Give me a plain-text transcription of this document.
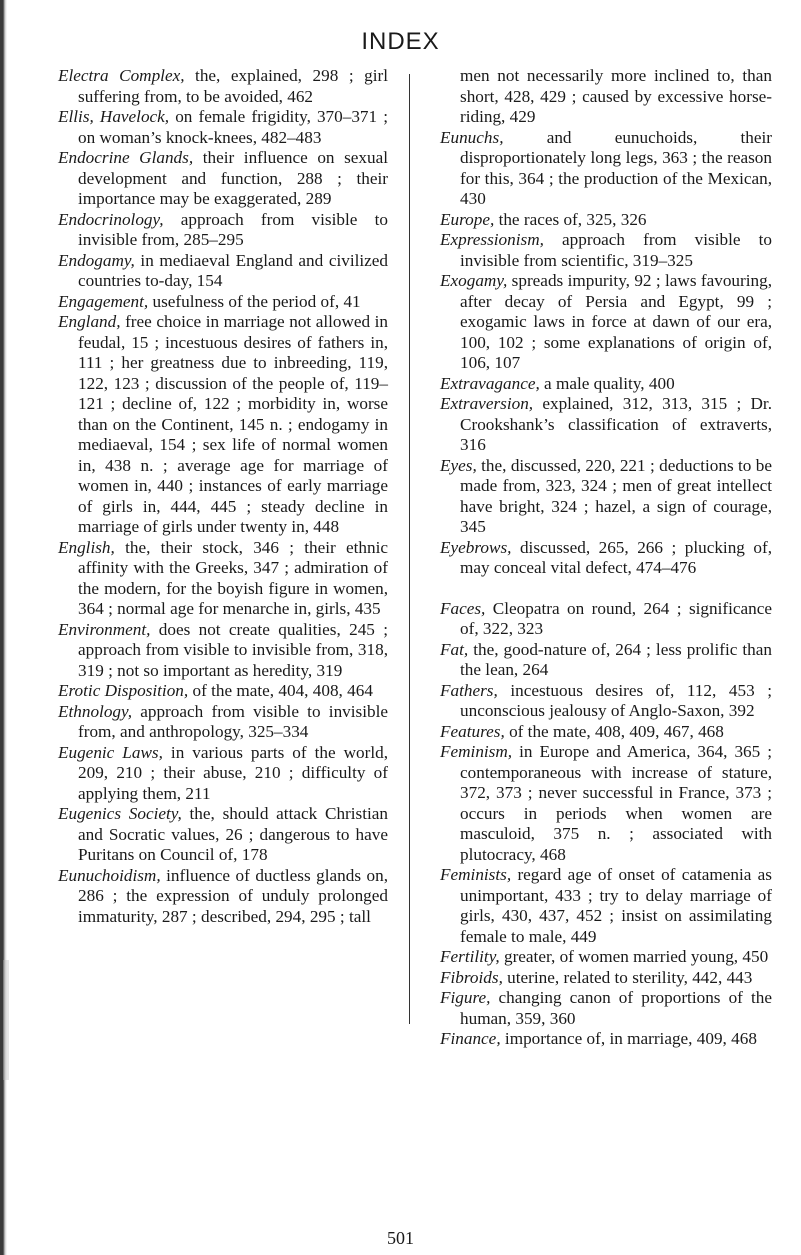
INDEX

Electra Complex, the, explained, 298 ; girl suffering from, to be avoided, 462

Ellis, Havelock, on female frigidity, 370–371 ; on woman’s knock-knees, 482–483

Endocrine Glands, their influence on sexual development and function, 288 ; their importance may be exaggerated, 289

Endocrinology, approach from visible to invisible from, 285–295

Endogamy, in mediaeval England and civilized countries to-day, 154

Engagement, usefulness of the period of, 41

England, free choice in marriage not allowed in feudal, 15 ; incestuous desires of fathers in, 111 ; her greatness due to inbreeding, 119, 122, 123 ; discussion of the people of, 119–121 ; decline of, 122 ; morbidity in, worse than on the Continent, 145 n. ; endogamy in mediaeval, 154 ; sex life of normal women in, 438 n. ; average age for marriage of women in, 440 ; instances of early marriage of girls in, 444, 445 ; steady decline in marriage of girls under twenty in, 448

English, the, their stock, 346 ; their ethnic affinity with the Greeks, 347 ; admiration of the modern, for the boyish figure in women, 364 ; normal age for menarche in, girls, 435

Environment, does not create qualities, 245 ; approach from visible to invisible from, 318, 319 ; not so important as heredity, 319

Erotic Disposition, of the mate, 404, 408, 464

Ethnology, approach from visible to invisible from, and anthropology, 325–334

Eugenic Laws, in various parts of the world, 209, 210 ; their abuse, 210 ; difficulty of applying them, 211

Eugenics Society, the, should attack Christian and Socratic values, 26 ; dangerous to have Puritans on Council of, 178

Eunuchoidism, influence of ductless glands on, 286 ; the expression of unduly prolonged immaturity, 287 ; described, 294, 295 ; tall

men not necessarily more inclined to, than short, 428, 429 ; caused by excessive horse-riding, 429

Eunuchs, and eunuchoids, their disproportionately long legs, 363 ; the reason for this, 364 ; the production of the Mexican, 430

Europe, the races of, 325, 326

Expressionism, approach from visible to invisible from scientific, 319–325

Exogamy, spreads impurity, 92 ; laws favouring, after decay of Persia and Egypt, 99 ; exogamic laws in force at dawn of our era, 100, 102 ; some explanations of origin of, 106, 107

Extravagance, a male quality, 400

Extraversion, explained, 312, 313, 315 ; Dr. Crookshank’s classification of extraverts, 316

Eyes, the, discussed, 220, 221 ; deductions to be made from, 323, 324 ; men of great intellect have bright, 324 ; hazel, a sign of courage, 345

Eyebrows, discussed, 265, 266 ; plucking of, may conceal vital defect, 474–476

Faces, Cleopatra on round, 264 ; significance of, 322, 323

Fat, the, good-nature of, 264 ; less prolific than the lean, 264

Fathers, incestuous desires of, 112, 453 ; unconscious jealousy of Anglo-Saxon, 392

Features, of the mate, 408, 409, 467, 468

Feminism, in Europe and America, 364, 365 ; contemporaneous with increase of stature, 372, 373 ; never successful in France, 373 ; occurs in periods when women are masculoid, 375 n. ; associated with plutocracy, 468

Feminists, regard age of onset of catamenia as unimportant, 433 ; try to delay marriage of girls, 430, 437, 452 ; insist on assimilating female to male, 449

Fertility, greater, of women married young, 450

Fibroids, uterine, related to sterility, 442, 443

Figure, changing canon of proportions of the human, 359, 360

Finance, importance of, in marriage, 409, 468

501
